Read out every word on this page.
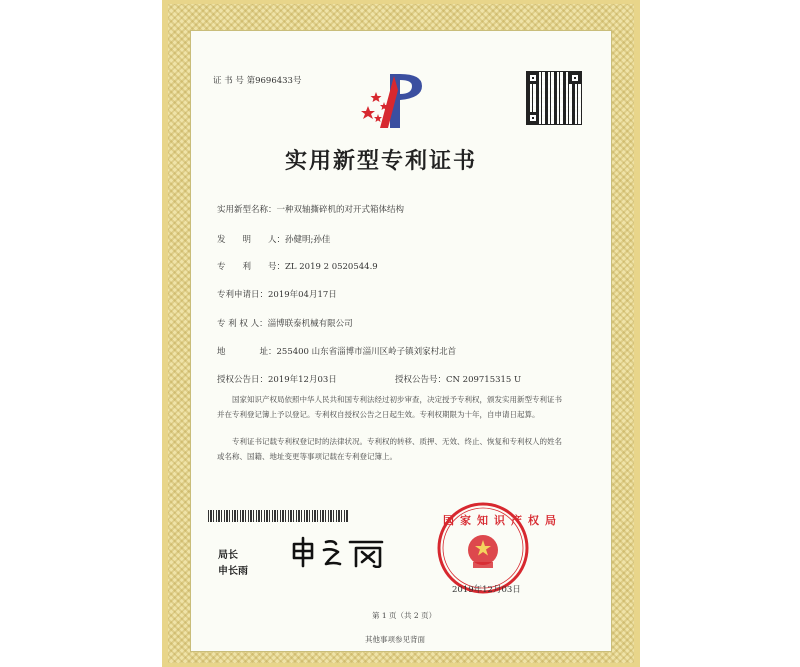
证 书 号 第9696433号
实用新型专利证书
实用新型名称：一种双轴撕碎机的对开式箱体结构
发　　明　　人：孙健明;孙佳
专　　利　　号：ZL 2019 2 0520544.9
专利申请日：2019年04月17日
专 利 权 人：淄博联泰机械有限公司
地　　　　址：255400 山东省淄博市淄川区岭子镇刘家村北首
授权公告日：2019年12月03日	授权公告号：CN 209715315 U
国家知识产权局依照中华人民共和国专利法经过初步审查，决定授予专利权，颁发实用新型专利证书并在专利登记簿上予以登记。专利权自授权公告之日起生效。专利权期限为十年，自申请日起算。
专利证书记载专利权登记时的法律状况。专利权的转移、质押、无效、终止、恢复和专利权人的姓名或名称、国籍、地址变更等事项记载在专利登记簿上。
局长
申长雨
国家知识产权局
2019年12月03日
第 1 页（共 2 页）
其他事项参见背面
